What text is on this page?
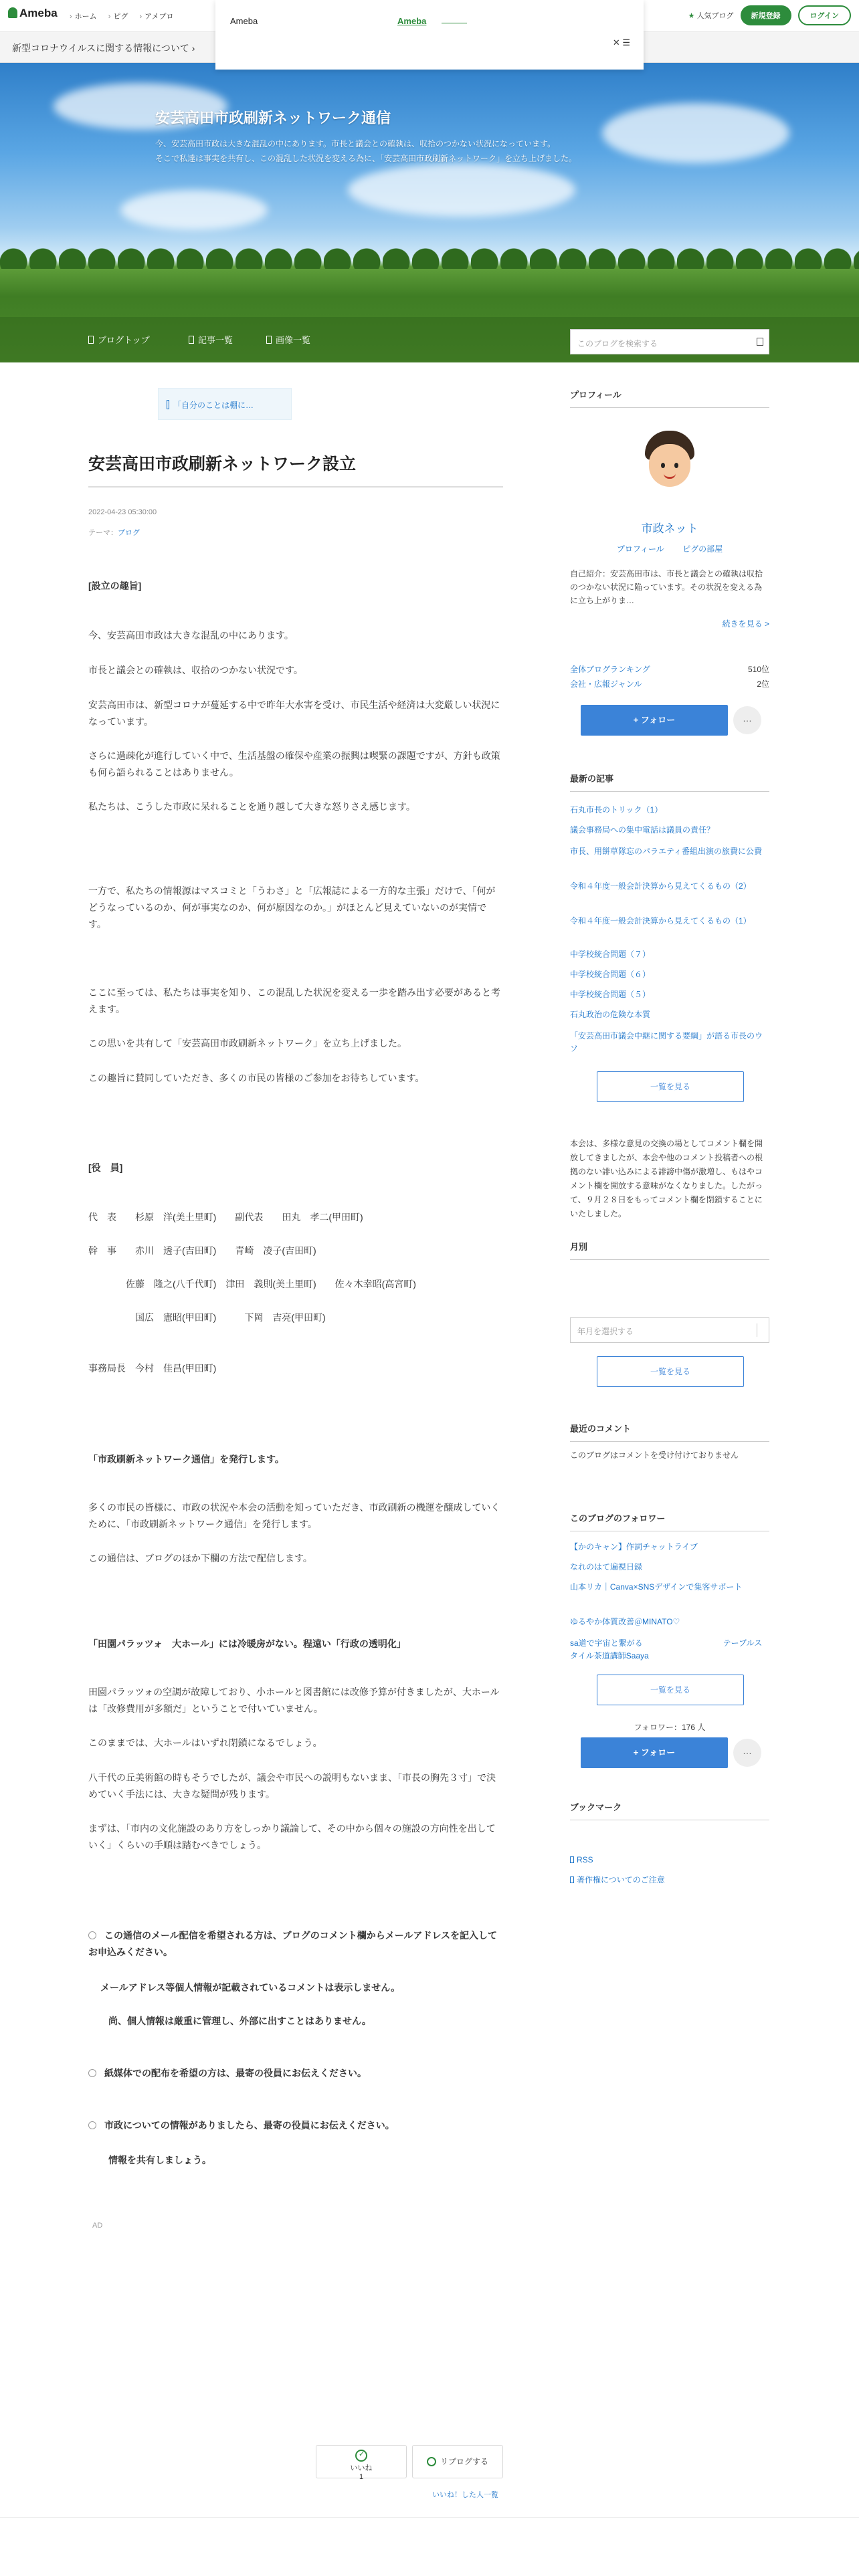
Ameba	› ホーム › ピグ › アメブロ	★ 人気ブログ	新規登録	ログイン
Ameba	Ameba
✕ ☰
新型コロナウイルスに関する情報について ›
安芸高田市政刷新ネットワーク通信
今、安芸高田市政は大きな混乱の中にあります。市長と議会との確執は、収拾のつかない状況になっています。
そこで私達は事実を共有し、この混乱した状況を変える為に、「安芸高田市政刷新ネットワーク」を立ち上げました。
ブログトップ	記事一覧	画像一覧	このブログを検索する
「自分のことは棚に…
安芸高田市政刷新ネットワーク設立
2022-04-23 05:30:00
テーマ：ブログ
[設立の趣旨]
今、安芸高田市政は大きな混乱の中にあります。
市長と議会との確執は、収拾のつかない状況です。
安芸高田市は、新型コロナが蔓延する中で昨年大水害を受け、市民生活や経済は大変厳しい状況になっています。
さらに過疎化が進行していく中で、生活基盤の確保や産業の振興は喫緊の課題ですが、方針も政策も何ら語られることはありません。
私たちは、こうした市政に呆れることを通り越して大きな怒りさえ感じます。
一方で、私たちの情報源はマスコミと「うわさ」と「広報誌による一方的な主張」だけで、「何がどうなっているのか、何が事実なのか、何が原因なのか。」がほとんど見えていないのが実情です。
ここに至っては、私たちは事実を知り、この混乱した状況を変える一歩を踏み出す必要があると考えます。
この思いを共有して「安芸高田市政刷新ネットワーク」を立ち上げました。
この趣旨に賛同していただき、多くの市民の皆様のご参加をお待ちしています。
[役　員]
代　表　　杉原　洋(美土里町)　　副代表　　田丸　孝二(甲田町)
幹　事　　赤川　透子(吉田町)　　青崎　凌子(吉田町)
佐藤　隆之(八千代町)　津田　義則(美土里町)　　佐々木幸昭(高宮町)
国広　憲昭(甲田町)　　　下岡　吉亮(甲田町)
事務局長　今村　佳昌(甲田町)
「市政刷新ネットワーク通信」を発行します。
多くの市民の皆様に、市政の状況や本会の活動を知っていただき、市政刷新の機運を醸成していくために、「市政刷新ネットワーク通信」を発行します。
この通信は、ブログのほか下欄の方法で配信します。
「田園パラッツォ　大ホール」には冷暖房がない。程遠い「行政の透明化」
田園パラッツォの空調が故障しており、小ホールと図書館には改修予算が付きましたが、大ホールは「改修費用が多額だ」ということで付いていません。
このままでは、大ホールはいずれ閉鎖になるでしょう。
八千代の丘美術館の時もそうでしたが、議会や市民への説明もないまま、「市長の胸先３寸」で決めていく手法には、大きな疑問が残ります。
まずは、「市内の文化施設のあり方をしっかり議論して、その中から個々の施設の方向性を出していく」くらいの手順は踏むべきでしょう。
この通信のメール配信を希望される方は、ブログのコメント欄からメールアドレスを記入してお申込みください。
メールアドレス等個人情報が記載されているコメントは表示しません。
尚、個人情報は厳重に管理し、外部に出すことはありません。
紙媒体での配布を希望の方は、最寄の役員にお伝えください。
市政についての情報がありましたら、最寄の役員にお伝えください。
情報を共有しましょう。
AD
✓
いいね
1
リブログする
いいね！した人一覧
プロフィール
市政ネット
プロフィール ピグの部屋
自己紹介：安芸高田市は、市長と議会との確執は収拾のつかない状況に陥っています。その状況を変える為に立ち上がりま…
続きを見る >
全体ブログランキング	510位
会社・広報ジャンル	2位
+ フォロー	…
最新の記事
石丸市長のトリック（1）
議会事務局への集中電話は議員の責任？
市長、用餅草隊忘のパラエティ番組出演の旅費に公費
令和４年度一般会計決算から見えてくるもの（2）
令和４年度一般会計決算から見えてくるもの（1）
中学校統合問題（７）
中学校統合問題（６）
中学校統合問題（５）
石丸政治の危険な本質
「安芸高田市議会中継に関する要綱」が語る市長のウソ
一覧を見る
本会は、多様な意見の交換の場としてコメント欄を開放してきましたが、本会や他のコメント投稿者への根拠のない誹い込みによる誹謗中傷が激増し、もはやコメント欄を開放する意味がなくなりました。したがって、９月２８日をもってコメント欄を閉鎖することにいたしました。
月別
年月を選択する
一覧を見る
最近のコメント
このブログはコメントを受け付けておりません
このブログのフォロワー
【かのキャン】作詞チャットライブ
なれのはて遍視日録
山本リカ｜Canva×SNSデザインで集客サポート
ゆるやか体質改善＠MINATO♡
sa道で宇宙と繋がる　　　　　　　　　　テーブルスタイル茶道講師Saaya
一覧を見る
フォロワー：176 人
+ フォロー	…
ブックマーク
RSS
著作権についてのご注意
